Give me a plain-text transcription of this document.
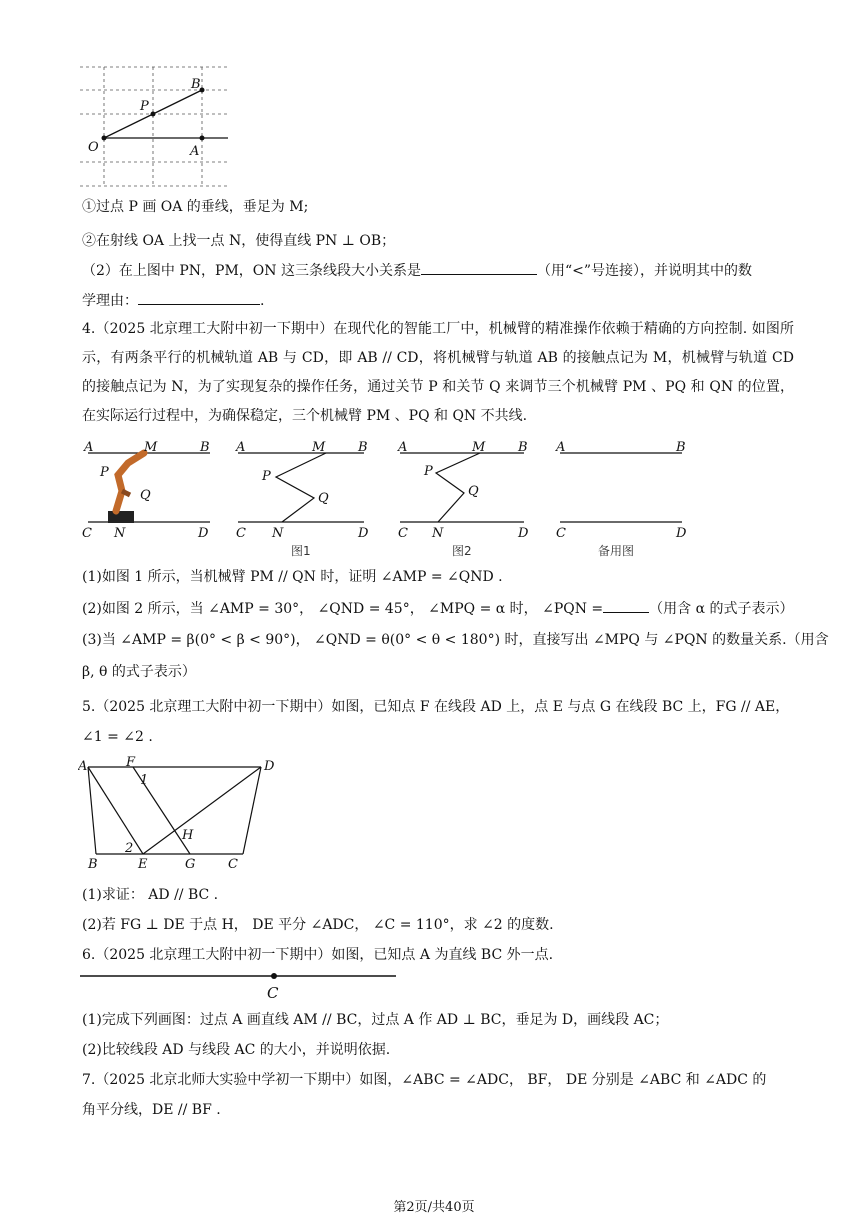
O	A
P
B
①过点 P 画 OA 的垂线，垂足为 M;
②在射线 OA 上找一点 N，使得直线 PN ⊥ OB；
（2）在上图中 PN，PM，ON 这三条线段大小关系是	（用“<”号连接），并说明其中的数
学理由：	.
4.（2025 北京理工大附中初一下期中）在现代化的智能工厂中，机械臂的精准操作依赖于精确的方向控制. 如图所示，有两条平行的机械轨道 AB 与 CD，即 AB // CD，将机械臂与轨道 AB 的接触点记为 M，机械臂与轨道 CD 的接触点记为 N，为了实现复杂的操作任务，通过关节 P 和关节 Q 来调节三个机械臂 PM 、PQ 和 QN 的位置，在实际运行过程中，为确保稳定，三个机械臂 PM 、PQ 和 QN 不共线.
A	M	B
P
Q
C N	D
A	M	B
P
Q
C N	D
图1
A	M	B
P
Q
C N	D
图2
A	B
C	D
备用图
(1)如图 1 所示，当机械臂 PM // QN 时，证明 ∠AMP = ∠QND .
(2)如图 2 所示，当 ∠AMP = 30°， ∠QND = 45°， ∠MPQ = α 时， ∠PQN =	（用含 α 的式子表示）
(3)当 ∠AMP = β(0° < β < 90°)， ∠QND = θ(0° < θ < 180°) 时，直接写出 ∠MPQ 与 ∠PQN 的数量关系.（用含
β, θ 的式子表示）
5.（2025 北京理工大附中初一下期中）如图，已知点 F 在线段 AD 上，点 E 与点 G 在线段 BC 上，FG // AE，
∠1 = ∠2 .
A	F
1
D
H
2
B	E	G	C
(1)求证： AD // BC .
(2)若 FG ⊥ DE 于点 H， DE 平分 ∠ADC， ∠C = 110°，求 ∠2 的度数.
6.（2025 北京理工大附中初一下期中）如图，已知点 A 为直线 BC 外一点.
C
(1)完成下列画图：过点 A 画直线 AM // BC，过点 A 作 AD ⊥ BC，垂足为 D，画线段 AC；
(2)比较线段 AD 与线段 AC 的大小，并说明依据.
7.（2025 北京北师大实验中学初一下期中）如图，∠ABC = ∠ADC， BF， DE 分别是 ∠ABC 和 ∠ADC 的
角平分线，DE // BF .
第2页/共40页
